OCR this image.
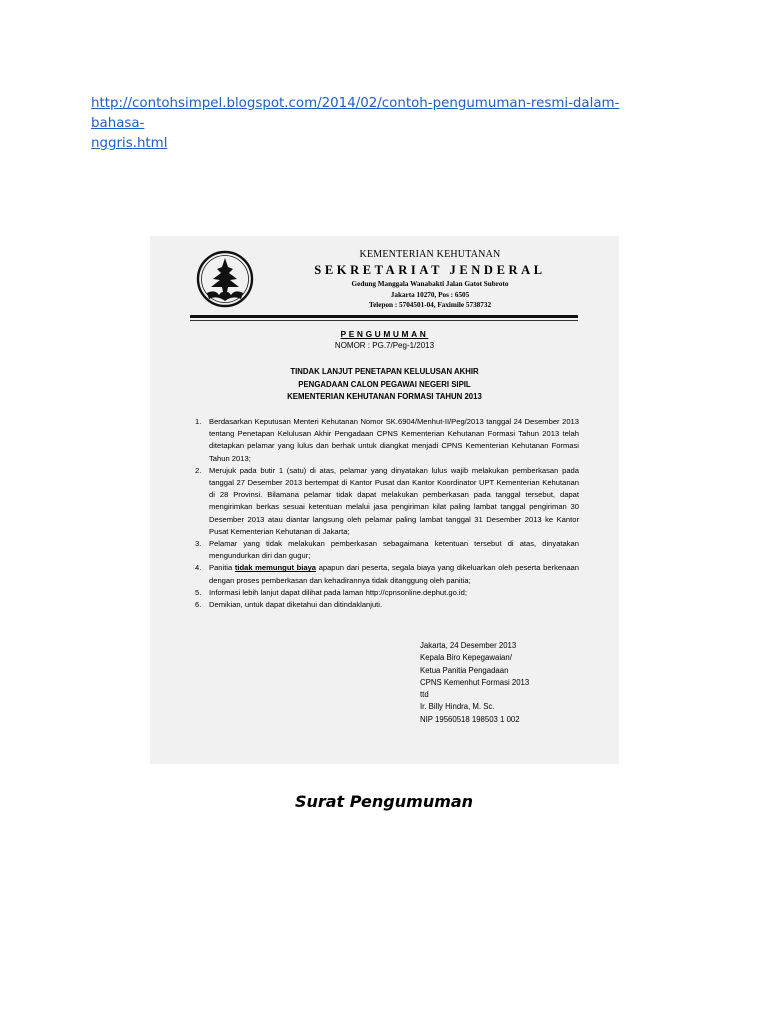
http://contohsimpel.blogspot.com/2014/02/contoh-pengumuman-resmi-dalam-bahasa-
nggris.html
KEMENTERIAN KEHUTANAN
SEKRETARIAT JENDERAL
Gedung Manggala Wanabakti Jalan Gatot Subroto
Jakarta 10270, Pos : 6505
Telepon : 5704501-04, Faximile 5738732
PENGUMUMAN
NOMOR : PG.7/Peg-1/2013
TINDAK LANJUT PENETAPAN KELULUSAN AKHIR
PENGADAAN CALON PEGAWAI NEGERI SIPIL
KEMENTERIAN KEHUTANAN FORMASI TAHUN 2013
1. Berdasarkan Keputusan Menteri Kehutanan Nomor SK.6904/Menhut-II/Peg/2013 tanggal 24 Desember 2013 tentang Penetapan Kelulusan Akhir Pengadaan CPNS Kementerian Kehutanan Formasi Tahun 2013 telah ditetapkan pelamar yang lulus dan berhak untuk diangkat menjadi CPNS Kementerian Kehutanan Formasi Tahun 2013;
2. Merujuk pada butir 1 (satu) di atas, pelamar yang dinyatakan lulus wajib melakukan pemberkasan pada tanggal 27 Desember 2013 bertempat di Kantor Pusat dan Kantor Koordinator UPT Kementerian Kehutanan di 28 Provinsi. Bilamana pelamar tidak dapat melakukan pemberkasan pada tanggal tersebut, dapat mengirimkan berkas sesuai ketentuan melalui jasa pengiriman kilat paling lambat tanggal pengiriman 30 Desember 2013 atau diantar langsung oleh pelamar paling lambat tanggal 31 Desember 2013 ke Kantor Pusat Kementerian Kehutanan di Jakarta;
3. Pelamar yang tidak melakukan pemberkasan sebagaimana ketentuan tersebut di atas, dinyatakan mengundurkan diri dan gugur;
4. Panitia tidak memungut biaya apapun dari peserta, segala biaya yang dikeluarkan oleh peserta berkenaan dengan proses pemberkasan dan kehadirannya tidak ditanggung oleh panitia;
5. Informasi lebih lanjut dapat dilihat pada laman http://cpnsonline.dephut.go.id;
6. Demikian, untuk dapat diketahui dan ditindaklanjuti.
Jakarta, 24 Desember 2013
Kepala Biro Kepegawaian/
Ketua Panitia Pengadaan
CPNS Kemenhut Formasi 2013
ttd
Ir. Billy Hindra, M. Sc.
NIP 19560518 198503 1 002
Surat Pengumuman
